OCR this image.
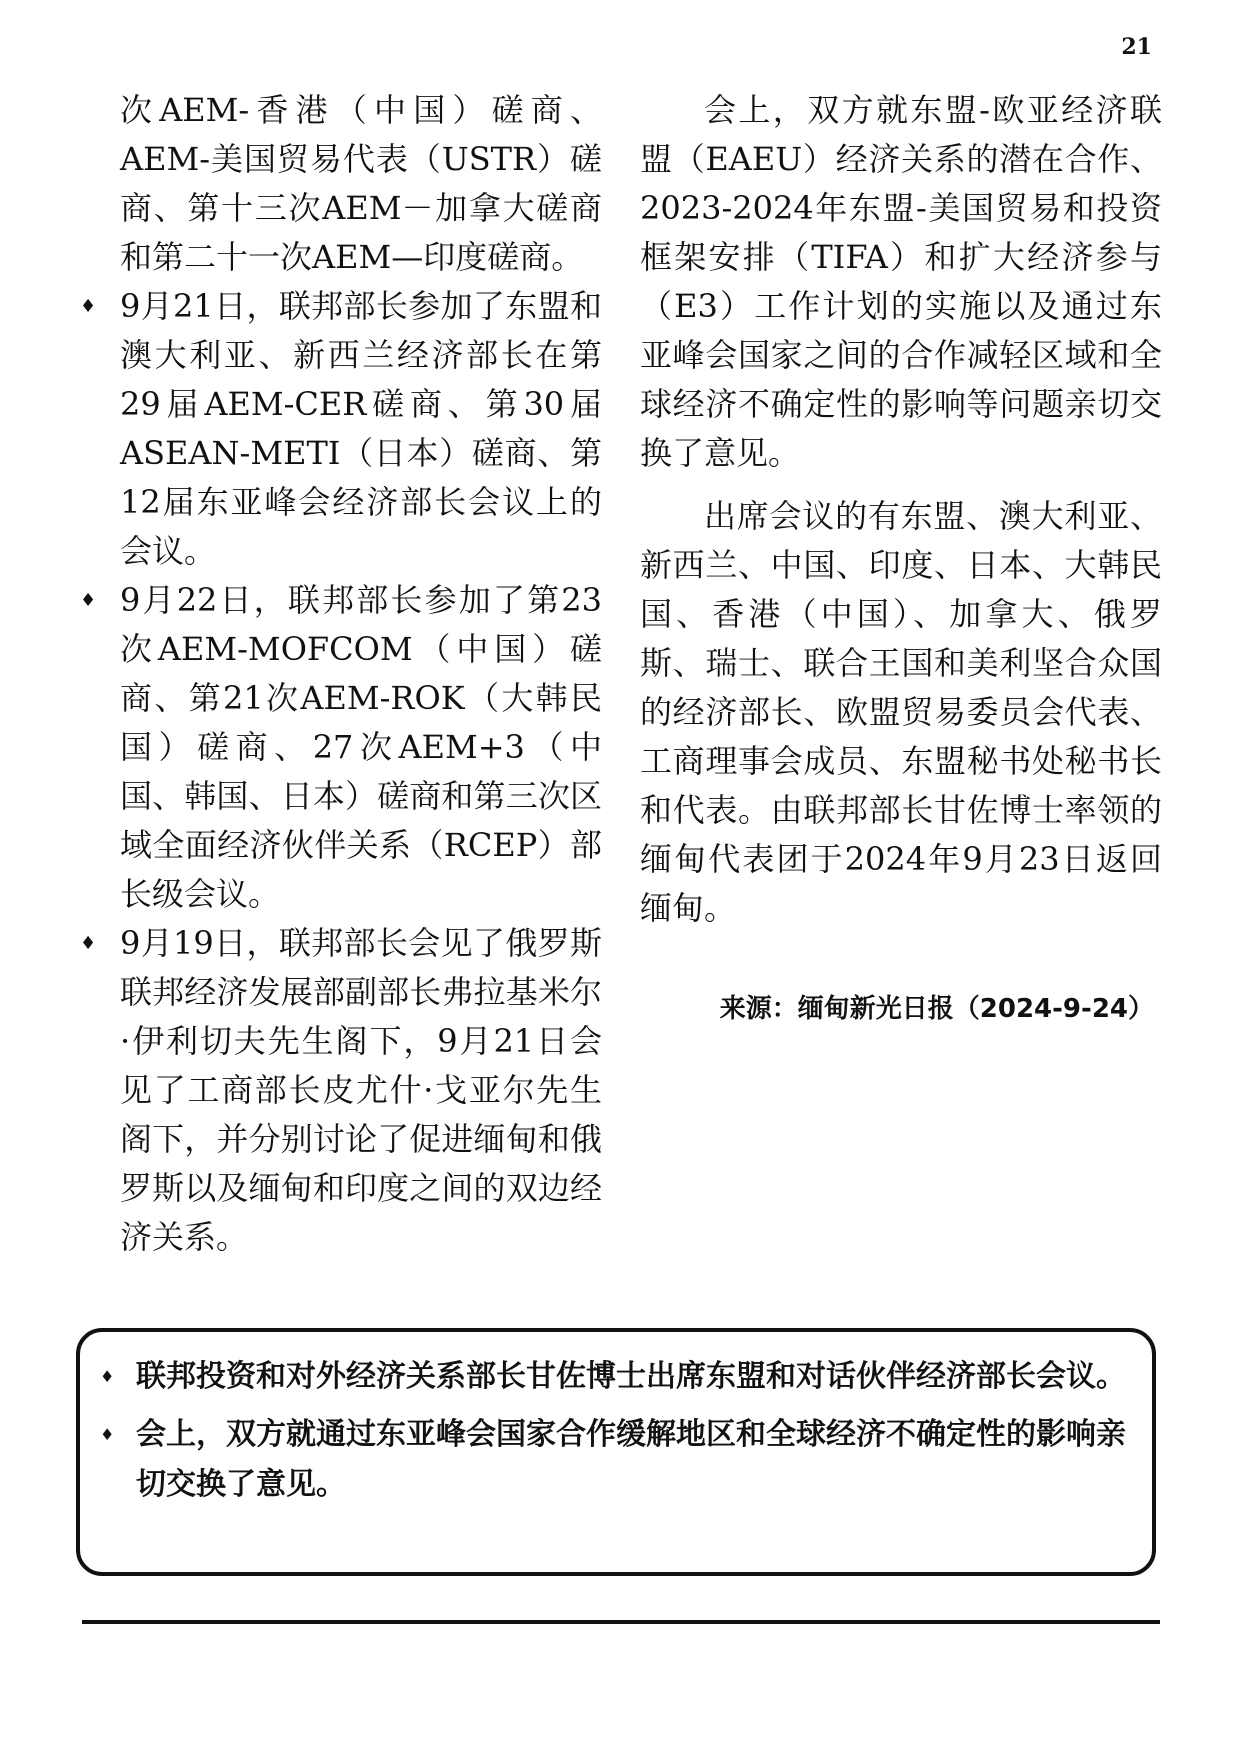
21

次AEM-香港（中国）磋商、AEM-美国贸易代表（USTR）磋商、第十三次AEM－加拿大磋商和第二十一次AEM—印度磋商。

♦ 9月21日，联邦部长参加了东盟和澳大利亚、新西兰经济部长在第29届AEM-CER磋商、第30届ASEAN-METI（日本）磋商、第12届东亚峰会经济部长会议上的会议。

♦ 9月22日，联邦部长参加了第23次AEM-MOFCOM（中国）磋商、第21次AEM-ROK（大韩民国）磋商、27次AEM+3（中国、韩国、日本）磋商和第三次区域全面经济伙伴关系（RCEP）部长级会议。

♦ 9月19日，联邦部长会见了俄罗斯联邦经济发展部副部长弗拉基米尔·伊利切夫先生阁下，9月21日会见了工商部长皮尤什·戈亚尔先生阁下，并分别讨论了促进缅甸和俄罗斯以及缅甸和印度之间的双边经济关系。

会上，双方就东盟-欧亚经济联盟（EAEU）经济关系的潜在合作、2023-2024年东盟-美国贸易和投资框架安排（TIFA）和扩大经济参与（E3）工作计划的实施以及通过东亚峰会国家之间的合作减轻区域和全球经济不确定性的影响等问题亲切交换了意见。

出席会议的有东盟、澳大利亚、新西兰、中国、印度、日本、大韩民国、香港（中国）、加拿大、俄罗斯、瑞士、联合王国和美利坚合众国的经济部长、欧盟贸易委员会代表、工商理事会成员、东盟秘书处秘书长和代表。由联邦部长甘佐博士率领的缅甸代表团于2024年9月23日返回缅甸。

来源：缅甸新光日报（2024-9-24）

♦ 联邦投资和对外经济关系部长甘佐博士出席东盟和对话伙伴经济部长会议。

♦ 会上，双方就通过东亚峰会国家合作缓解地区和全球经济不确定性的影响亲切交换了意见。
